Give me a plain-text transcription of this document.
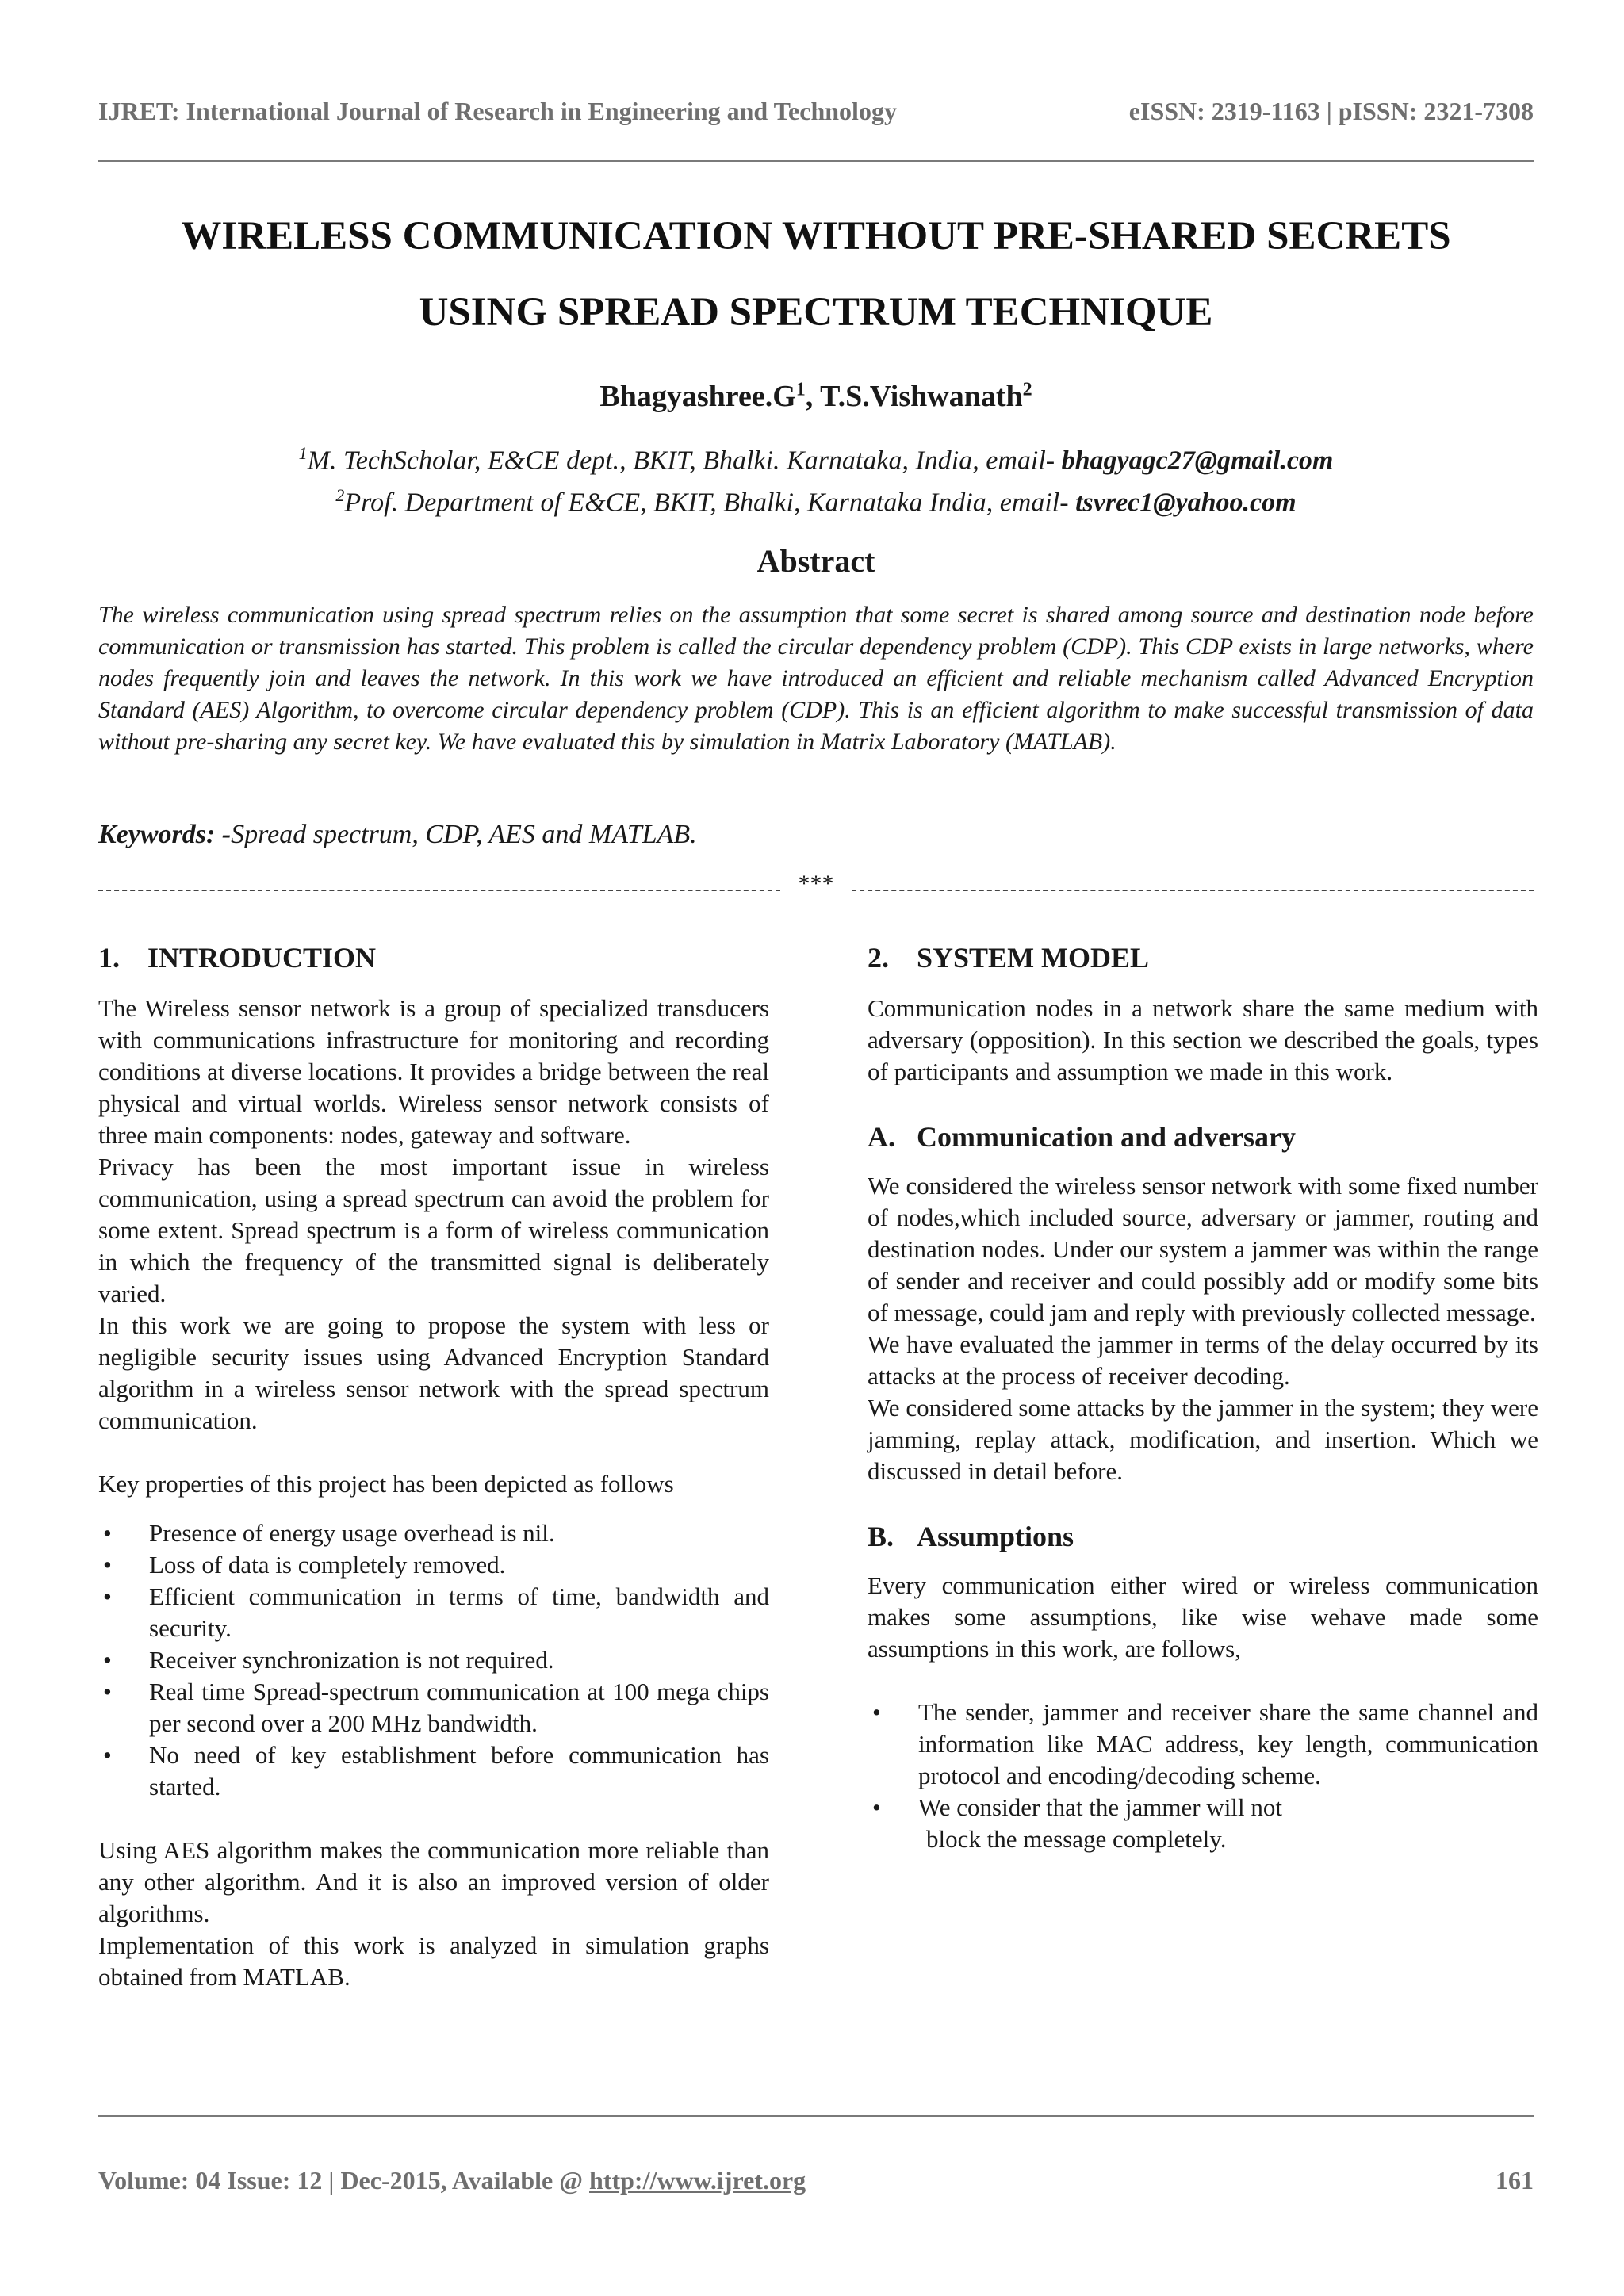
IJRET: International Journal of Research in Engineering and Technology	eISSN: 2319-1163 | pISSN: 2321-7308
WIRELESS COMMUNICATION WITHOUT PRE-SHARED SECRETS
USING SPREAD SPECTRUM TECHNIQUE
$Bhagyashree.G^1$, T.S.Vishwanath$^2$
$^1$M. TechScholar, E&CE dept., BKIT, Bhalki. Karnataka, India, email- bhagyagc27@gmail.com
$^2$Prof. Department of E&CE, BKIT, Bhalki, Karnataka India, email- tsvrec1@yahoo.com
Abstract
The wireless communication using spread spectrum relies on the assumption that some secret is shared among source and destination node before communication or transmission has started. This problem is called the circular dependency problem (CDP). This CDP exists in large networks, where nodes frequently join and leaves the network. In this work we have introduced an efficient and reliable mechanism called Advanced Encryption Standard (AES) Algorithm, to overcome circular dependency problem (CDP). This is an efficient algorithm to make successful transmission of data without pre-sharing any secret key. We have evaluated this by simulation in Matrix Laboratory (MATLAB).
Keywords: -Spread spectrum, CDP, AES and MATLAB.
***
1. INTRODUCTION

The Wireless sensor network is a group of specialized transducers with communications infrastructure for monitoring and recording conditions at diverse locations. It provides a bridge between the real physical and virtual worlds. Wireless sensor network consists of three main components: nodes, gateway and software.

Privacy has been the most important issue in wireless communication, using a spread spectrum can avoid the problem for some extent. Spread spectrum is a form of wireless communication in which the frequency of the transmitted signal is deliberately varied.

In this work we are going to propose the system with less or negligible security issues using Advanced Encryption Standard algorithm in a wireless sensor network with the spread spectrum communication.

Key properties of this project has been depicted as follows

• Presence of energy usage overhead is nil.
• Loss of data is completely removed.
• Efficient communication in terms of time, bandwidth and security.
• Receiver synchronization is not required.
• Real time Spread-spectrum communication at 100 mega chips per second over a 200 MHz bandwidth.
• No need of key establishment before communication has started.

Using AES algorithm makes the communication more reliable than any other algorithm. And it is also an improved version of older algorithms.

Implementation of this work is analyzed in simulation graphs obtained from MATLAB.

2. SYSTEM MODEL

Communication nodes in a network share the same medium with adversary (opposition). In this section we described the goals, types of participants and assumption we made in this work.

A. Communication and adversary

We considered the wireless sensor network with some fixed number of nodes,which included source, adversary or jammer, routing and destination nodes. Under our system a jammer was within the range of sender and receiver and could possibly add or modify some bits of message, could jam and reply with previously collected message.

We have evaluated the jammer in terms of the delay occurred by its attacks at the process of receiver decoding.

We considered some attacks by the jammer in the system; they were jamming, replay attack, modification, and insertion. Which we discussed in detail before.

B. Assumptions

Every communication either wired or wireless communication makes some assumptions, like wise wehave made some assumptions in this work, are follows,

• The sender, jammer and receiver share the same channel and information like MAC address, key length, communication protocol and encoding/decoding scheme.
• We consider that the jammer will not
block the message completely.
Volume: 04 Issue: 12 | Dec-2015, Available @ http://www.ijret.org	161
